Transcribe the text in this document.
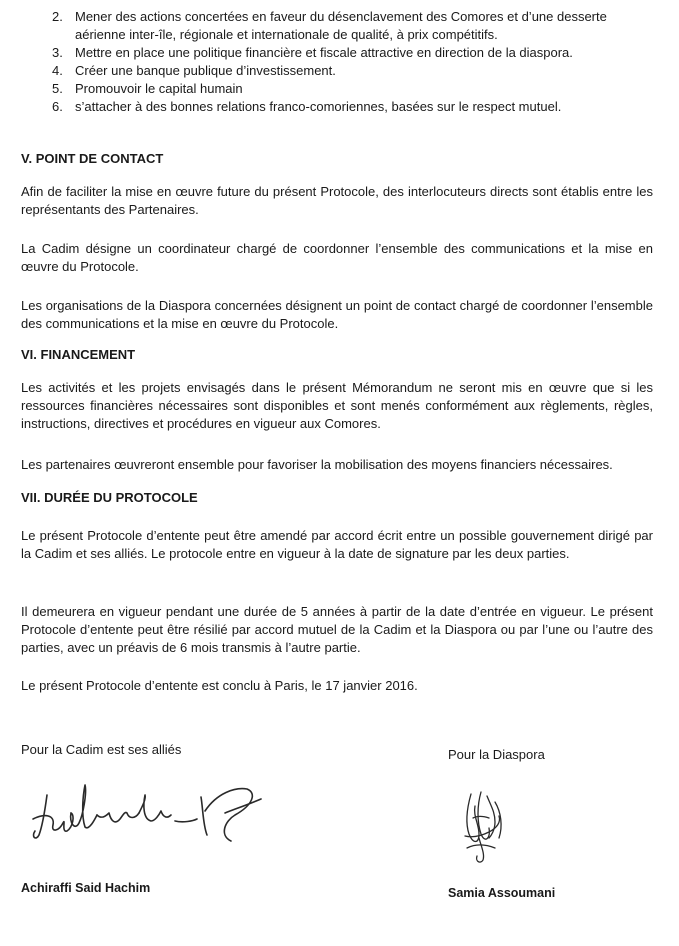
2. Mener des actions concertées en faveur du désenclavement des Comores et d’une desserte
aérienne inter-île, régionale et internationale de qualité, à prix compétitifs.
3. Mettre en place une politique financière et fiscale attractive en direction de la diaspora.
4. Créer une banque publique d’investissement.
5. Promouvoir le capital humain
6. s’attacher à des bonnes relations franco-comoriennes, basées sur le respect mutuel.
V. POINT DE CONTACT

Afin de faciliter la mise en œuvre future du présent Protocole, des interlocuteurs directs sont établis entre les représentants des Partenaires.

La Cadim désigne un coordinateur chargé de coordonner l’ensemble des communications et la mise en œuvre du Protocole.

Les organisations de la Diaspora concernées désignent un point de contact chargé de coordonner l’ensemble des communications et la mise en œuvre du Protocole.

VI. FINANCEMENT

Les activités et les projets envisagés dans le présent Mémorandum ne seront mis en œuvre que si les ressources financières nécessaires sont disponibles et sont menés conformément aux règlements, règles, instructions, directives et procédures en vigueur aux Comores.

Les partenaires œuvreront ensemble pour favoriser la mobilisation des moyens financiers nécessaires.

VII. DURÉE DU PROTOCOLE

Le présent Protocole d’entente peut être amendé par accord écrit entre un possible gouvernement dirigé par la Cadim et ses alliés. Le protocole entre en vigueur à la date de signature par les deux parties.

Il demeurera en vigueur pendant une durée de 5 années à partir de la date d’entrée en vigueur. Le présent Protocole d’entente peut être résilié par accord mutuel de la Cadim et la Diaspora ou par l’une ou l’autre des parties, avec un préavis de 6 mois transmis à l’autre partie.

Le présent Protocole d’entente est conclu à Paris, le 17 janvier 2016.

Pour la Cadim est ses alliés	Pour la Diaspora
Achiraffi Said Hachim	Samia Assoumani
